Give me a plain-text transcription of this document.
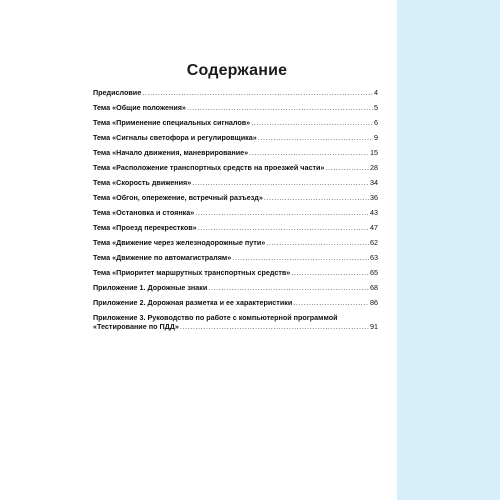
Содержание
Предисловие .....	4
Тема «Общие положения» .....	5
Тема «Применение специальных сигналов» .....	6
Тема «Сигналы светофора и регулировщика» .....	9
Тема «Начало движения, маневрирование» .....	15
Тема «Расположение транспортных средств на проезжей части» .....	28
Тема «Скорость движения» .....	34
Тема «Обгон, опережение, встречный разъезд» .....	36
Тема «Остановка и стоянка» .....	43
Тема «Проезд перекрестков» .....	47
Тема «Движение через железнодорожные пути» .....	62
Тема «Движение по автомагистралям» .....	63
Тема «Приоритет маршрутных транспортных средств» .....	65
Приложение 1. Дорожные знаки .....	68
Приложение 2. Дорожная разметка и ее характеристики .....	86
Приложение 3. Руководство по работе с компьютерной программой
«Тестирование по ПДД» .....	91
